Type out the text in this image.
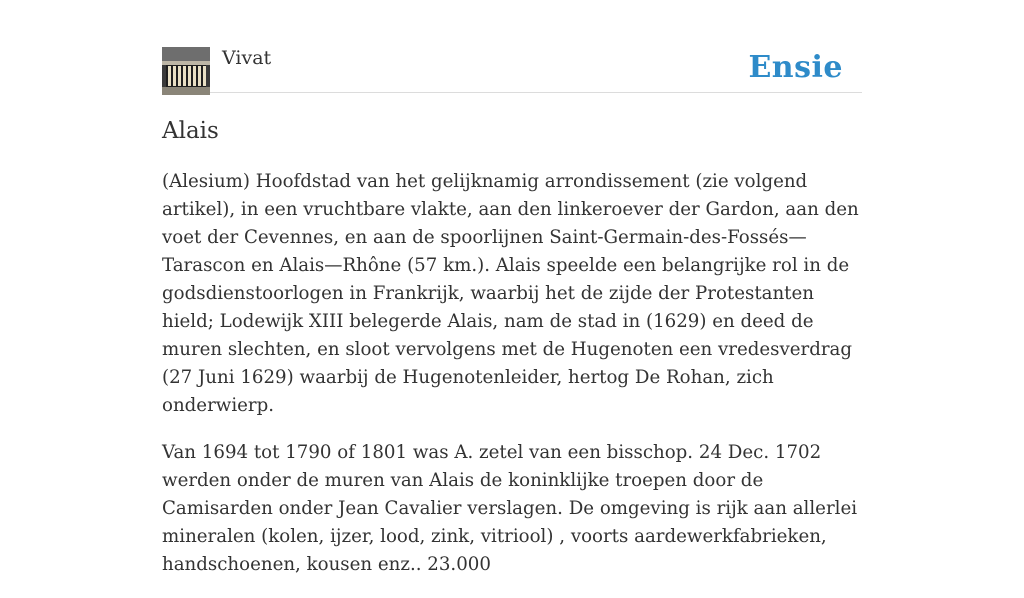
Vivat	Ensie
Alais

(Alesium) Hoofdstad van het gelijknamig arrondissement (zie volgend artikel), in een vruchtbare vlakte, aan den linkeroever der Gardon, aan den voet der Cevennes, en aan de spoorlijnen Saint-Germain-des-Fossés— Tarascon en Alais—Rhône (57 km.). Alais speelde een belangrijke rol in de godsdienstoorlogen in Frankrijk, waarbij het de zijde der Protestanten hield; Lodewijk XIII belegerde Alais, nam de stad in (1629) en deed de muren slechten, en sloot vervolgens met de Hugenoten een vredesverdrag (27 Juni 1629) waarbij de Hugenotenleider, hertog De Rohan, zich onderwierp.

Van 1694 tot 1790 of 1801 was A. zetel van een bisschop. 24 Dec. 1702 werden onder de muren van Alais de koninklijke troepen door de Camisarden onder Jean Cavalier verslagen. De omgeving is rijk aan allerlei mineralen (kolen, ijzer, lood, zink, vitriool) , voorts aardewerkfabrieken, handschoenen, kousen enz.. 23.000
